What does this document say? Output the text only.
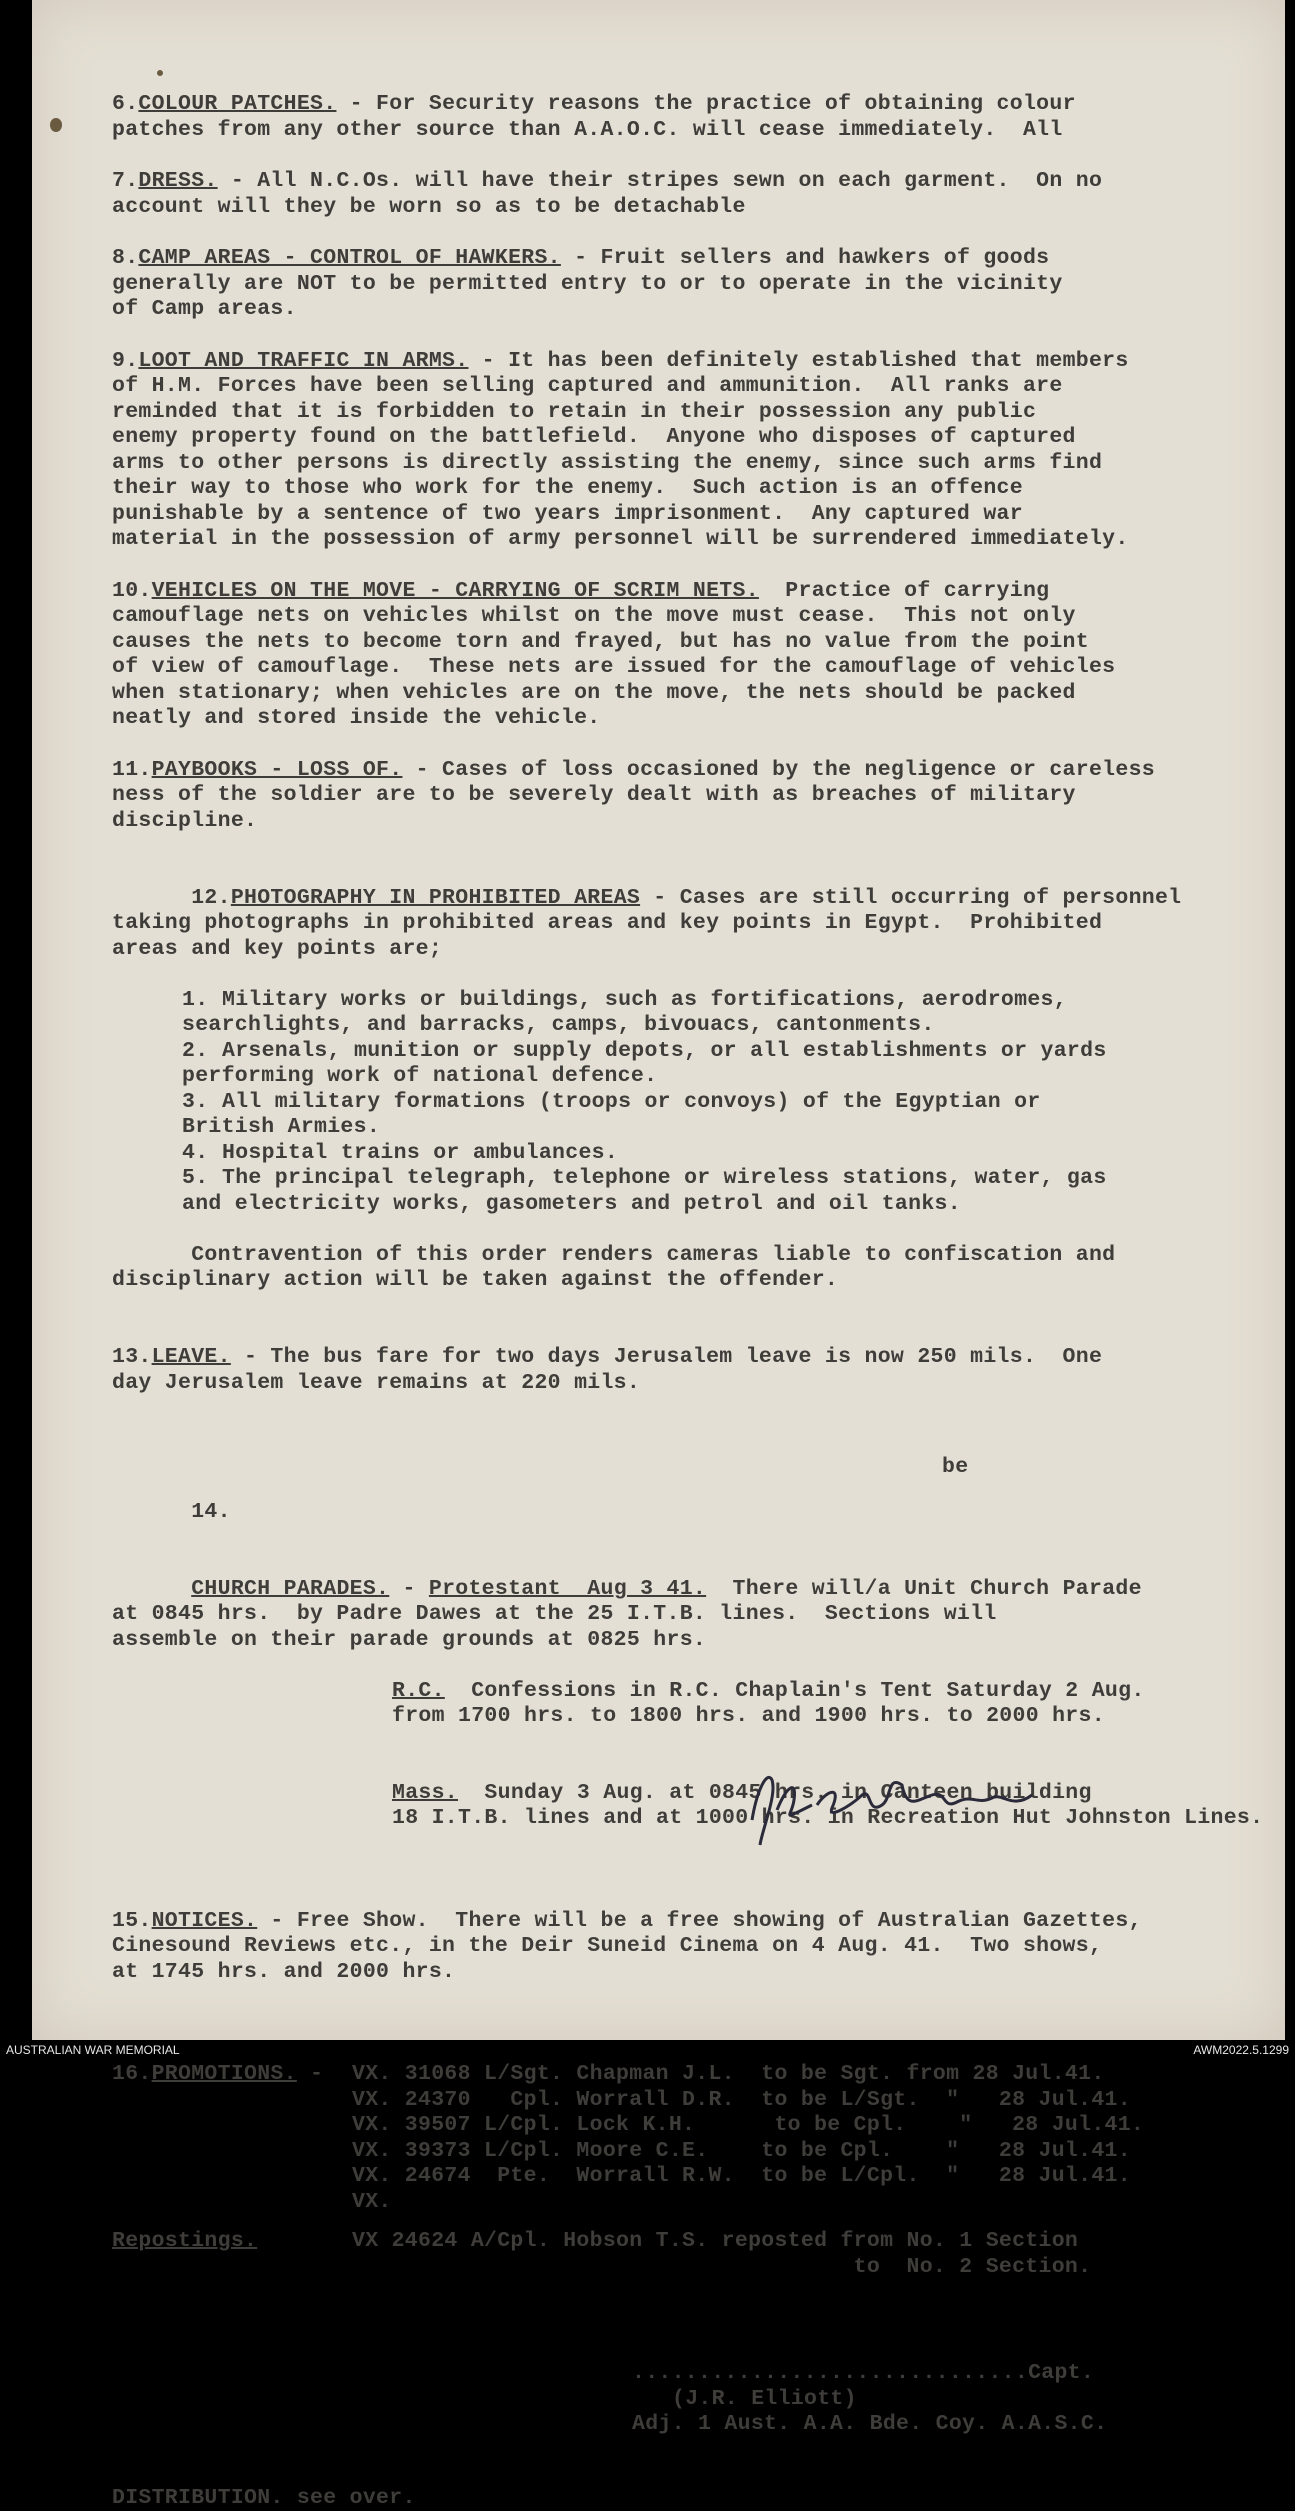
6.COLOUR PATCHES. - For Security reasons the practice of obtaining colour
patches from any other source than A.A.O.C. will cease immediately.  All
7.DRESS. - All N.C.Os. will have their stripes sewn on each garment.  On no
account will they be worn so as to be detachable
8.CAMP AREAS - CONTROL OF HAWKERS. - Fruit sellers and hawkers of goods
generally are NOT to be permitted entry to or to operate in the vicinity
of Camp areas.
9.LOOT AND TRAFFIC IN ARMS. - It has been definitely established that members
of H.M. Forces have been selling captured and ammunition.  All ranks are
reminded that it is forbidden to retain in their possession any public
enemy property found on the battlefield.  Anyone who disposes of captured
arms to other persons is directly assisting the enemy, since such arms find
their way to those who work for the enemy.  Such action is an offence
punishable by a sentence of two years imprisonment.  Any captured war
material in the possession of army personnel will be surrendered immediately.
10.VEHICLES ON THE MOVE - CARRYING OF SCRIM NETS.  Practice of carrying
camouflage nets on vehicles whilst on the move must cease.  This not only
causes the nets to become torn and frayed, but has no value from the point
of view of camouflage.  These nets are issued for the camouflage of vehicles
when stationary; when vehicles are on the move, the nets should be packed
neatly and stored inside the vehicle.
11.PAYBOOKS - LOSS OF. - Cases of loss occasioned by the negligence or careless
ness of the soldier are to be severely dealt with as breaches of military
discipline.

12.PHOTOGRAPHY IN PROHIBITED AREAS - Cases are still occurring of personnel
taking photographs in prohibited areas and key points in Egypt.  Prohibited
areas and key points are;

1. Military works or buildings, such as fortifications, aerodromes,
searchlights, and barracks, camps, bivouacs, cantonments.
2. Arsenals, munition or supply depots, or all establishments or yards
performing work of national defence.
3. All military formations (troops or convoys) of the Egyptian or
British Armies.
4. Hospital trains or ambulances.
5. The principal telegraph, telephone or wireless stations, water, gas
and electricity works, gasometers and petrol and oil tanks.

Contravention of this order renders cameras liable to confiscation and
disciplinary action will be taken against the offender.

13.LEAVE. - The bus fare for two days Jerusalem leave is now 250 mils.  One
day Jerusalem leave remains at 220 mils.

be

14.

CHURCH PARADES. - Protestant  Aug 3 41.  There will/a Unit Church Parade
at 0845 hrs.  by Padre Dawes at the 25 I.T.B. lines.  Sections will
assemble on their parade grounds at 0825 hrs.

R.C.  Confessions in R.C. Chaplain's Tent Saturday 2 Aug.
from 1700 hrs. to 1800 hrs. and 1900 hrs. to 2000 hrs.

Mass.  Sunday 3 Aug. at 0845 hrs. in Canteen building
18 I.T.B. lines and at 1000 hrs. in Recreation Hut Johnston Lines.

15.NOTICES. - Free Show.  There will be a free showing of Australian Gazettes,
Cinesound Reviews etc., in the Deir Suneid Cinema on 4 Aug. 41.  Two shows,
at 1745 hrs. and 2000 hrs.

16.PROMOTIONS. -	VX. 31068 L/Sgt. Chapman J.L.  to be Sgt. from 28 Jul.41.
VX. 24370   Cpl. Worrall D.R.  to be L/Sgt.  "   28 Jul.41.
VX. 39507 L/Cpl. Lock K.H.      to be Cpl.    "   28 Jul.41.
VX. 39373 L/Cpl. Moore C.E.    to be Cpl.    "   28 Jul.41.
VX. 24674  Pte.  Worrall R.W.  to be L/Cpl.  "   28 Jul.41.
VX.
Repostings.	VX 24624 A/Cpl. Hobson T.S. reposted from No. 1 Section
to  No. 2 Section.

..............................Capt.
(J.R. Elliott)
Adj. 1 Aust. A.A. Bde. Coy. A.A.S.C.
DISTRIBUTION. see over.
AUSTRALIAN WAR MEMORIAL	AWM2022.5.1299
